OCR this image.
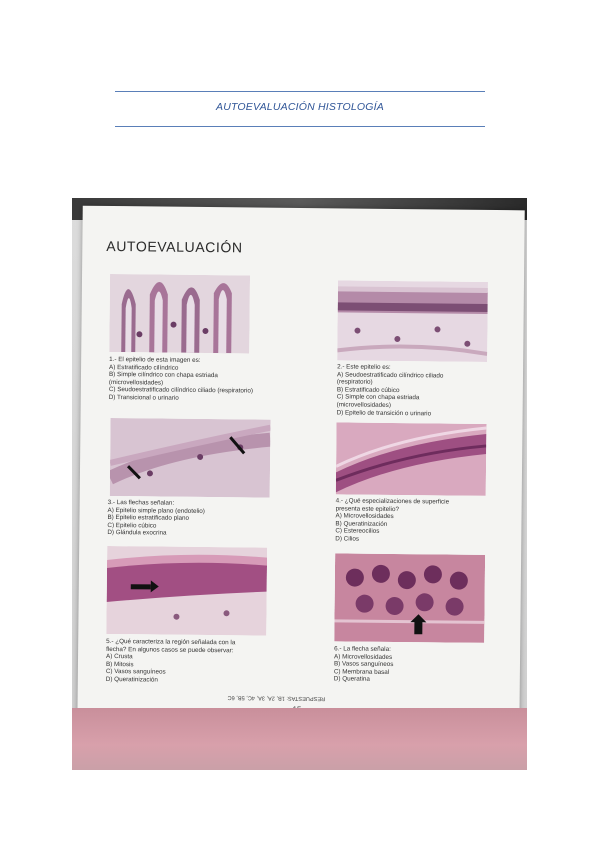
AUTOEVALUACIÓN HISTOLOGÍA
AUTOEVALUACIÓN
1.- El epitelio de esta imagen es:
A) Estratificado cilíndrico
B) Simple cilíndrico con chapa estriada
(microvellosidades)
C) Seudoestratificado cilíndrico ciliado (respiratorio)
D) Transicional o urinario
2.- Este epitelio es:
A) Seudoestratificado cilíndrico ciliado
(respiratorio)
B) Estratificado cúbico
C) Simple con chapa estriada
(microvellosidades)
D) Epitelio de transición o urinario
3.- Las flechas señalan:
A) Epitelio simple plano (endotelio)
B) Epitelio estratificado plano
C) Epitelio cúbico
D) Glándula exocrina
4.- ¿Qué especializaciones de superficie
presenta este epitelio?
A) Microvellosidades
B) Queratinización
C) Estereocilios
D) Cilios
5.- ¿Qué caracteriza la región señalada con la
flecha? En algunos casos se puede observar:
A) Crusta
B) Mitosis
C) Vasos sanguíneos
D) Queratinización
6.- La flecha señala:
A) Microvellosidades
B) Vasos sanguíneos
C) Membrana basal
D) Queratina
RESPUESTAS: 1B, 2A, 3A, 4C, 5B, 6C
